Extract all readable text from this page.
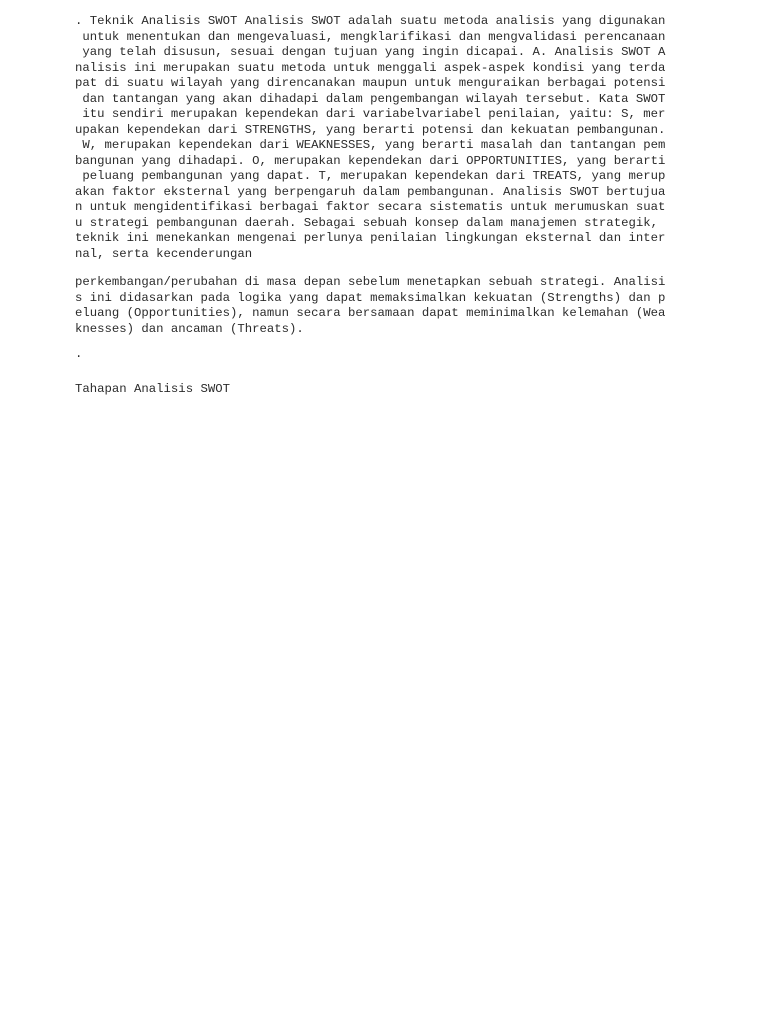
. Teknik Analisis SWOT Analisis SWOT adalah suatu metoda analisis yang digunakan
untuk menentukan dan mengevaluasi, mengklarifikasi dan mengvalidasi perencanaan
yang telah disusun, sesuai dengan tujuan yang ingin dicapai. A. Analisis SWOT A
nalisis ini merupakan suatu metoda untuk menggali aspek-aspek kondisi yang terda
pat di suatu wilayah yang direncanakan maupun untuk menguraikan berbagai potensi
dan tantangan yang akan dihadapi dalam pengembangan wilayah tersebut. Kata SWOT
itu sendiri merupakan kependekan dari variabelvariabel penilaian, yaitu: S, mer
upakan kependekan dari STRENGTHS, yang berarti potensi dan kekuatan pembangunan.
W, merupakan kependekan dari WEAKNESSES, yang berarti masalah dan tantangan pem
bangunan yang dihadapi. O, merupakan kependekan dari OPPORTUNITIES, yang berarti
peluang pembangunan yang dapat. T, merupakan kependekan dari TREATS, yang merup
akan faktor eksternal yang berpengaruh dalam pembangunan. Analisis SWOT bertujua
n untuk mengidentifikasi berbagai faktor secara sistematis untuk merumuskan suat
u strategi pembangunan daerah. Sebagai sebuah konsep dalam manajemen strategik,
teknik ini menekankan mengenai perlunya penilaian lingkungan eksternal dan inter
nal, serta kecenderungan
perkembangan/perubahan di masa depan sebelum menetapkan sebuah strategi. Analisi
s ini didasarkan pada logika yang dapat memaksimalkan kekuatan (Strengths) dan p
eluang (Opportunities), namun secara bersamaan dapat meminimalkan kelemahan (Wea
knesses) dan ancaman (Threats).
.
Tahapan Analisis SWOT
